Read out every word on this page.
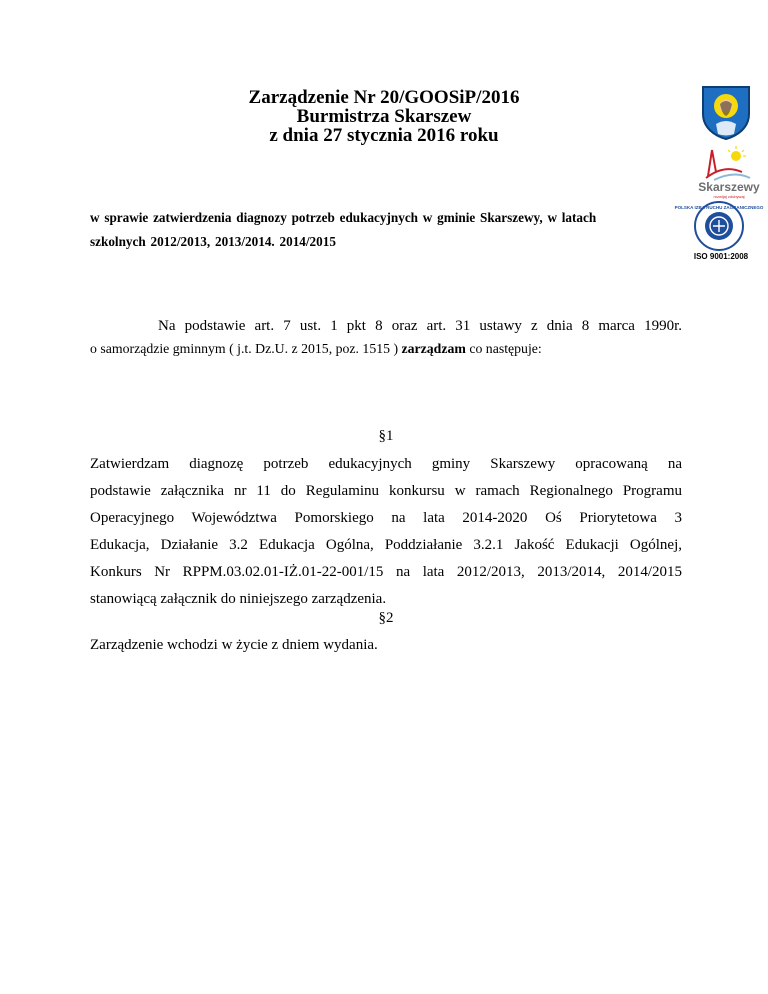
Zarządzenie Nr 20/GOOSiP/2016
Burmistrza Skarszew
z dnia 27 stycznia 2016 roku
w sprawie zatwierdzenia diagnozy potrzeb edukacyjnych w gminie Skarszewy, w latach
szkolnych 2012/2013, 2013/2014. 2014/2015
Na podstawie art. 7 ust. 1 pkt 8 oraz art. 31 ustawy z dnia 8 marca 1990r.
o samorządzie gminnym ( j.t. Dz.U. z 2015, poz. 1515 ) zarządzam co następuje:
§1
Zatwierdzam diagnozę potrzeb edukacyjnych gminy Skarszewy opracowaną na
podstawie załącznika nr 11 do Regulaminu konkursu w ramach Regionalnego Programu
Operacyjnego Województwa Pomorskiego na lata 2014-2020 Oś Priorytetowa 3
Edukacja, Działanie 3.2 Edukacja Ogólna, Poddziałanie 3.2.1 Jakość Edukacji Ogólnej,
Konkurs Nr RPPM.03.02.01-IŻ.01-22-001/15 na lata 2012/2013, 2013/2014, 2014/2015
stanowiącą załącznik do niniejszego zarządzenia.
§2
Zarządzenie wchodzi w życie z dniem wydania.
Skarszewy
rozwijaj zdobywaj
POLSKA IZBA RUCHU ZAGRANICZNEGO
ISO 9001:2008
